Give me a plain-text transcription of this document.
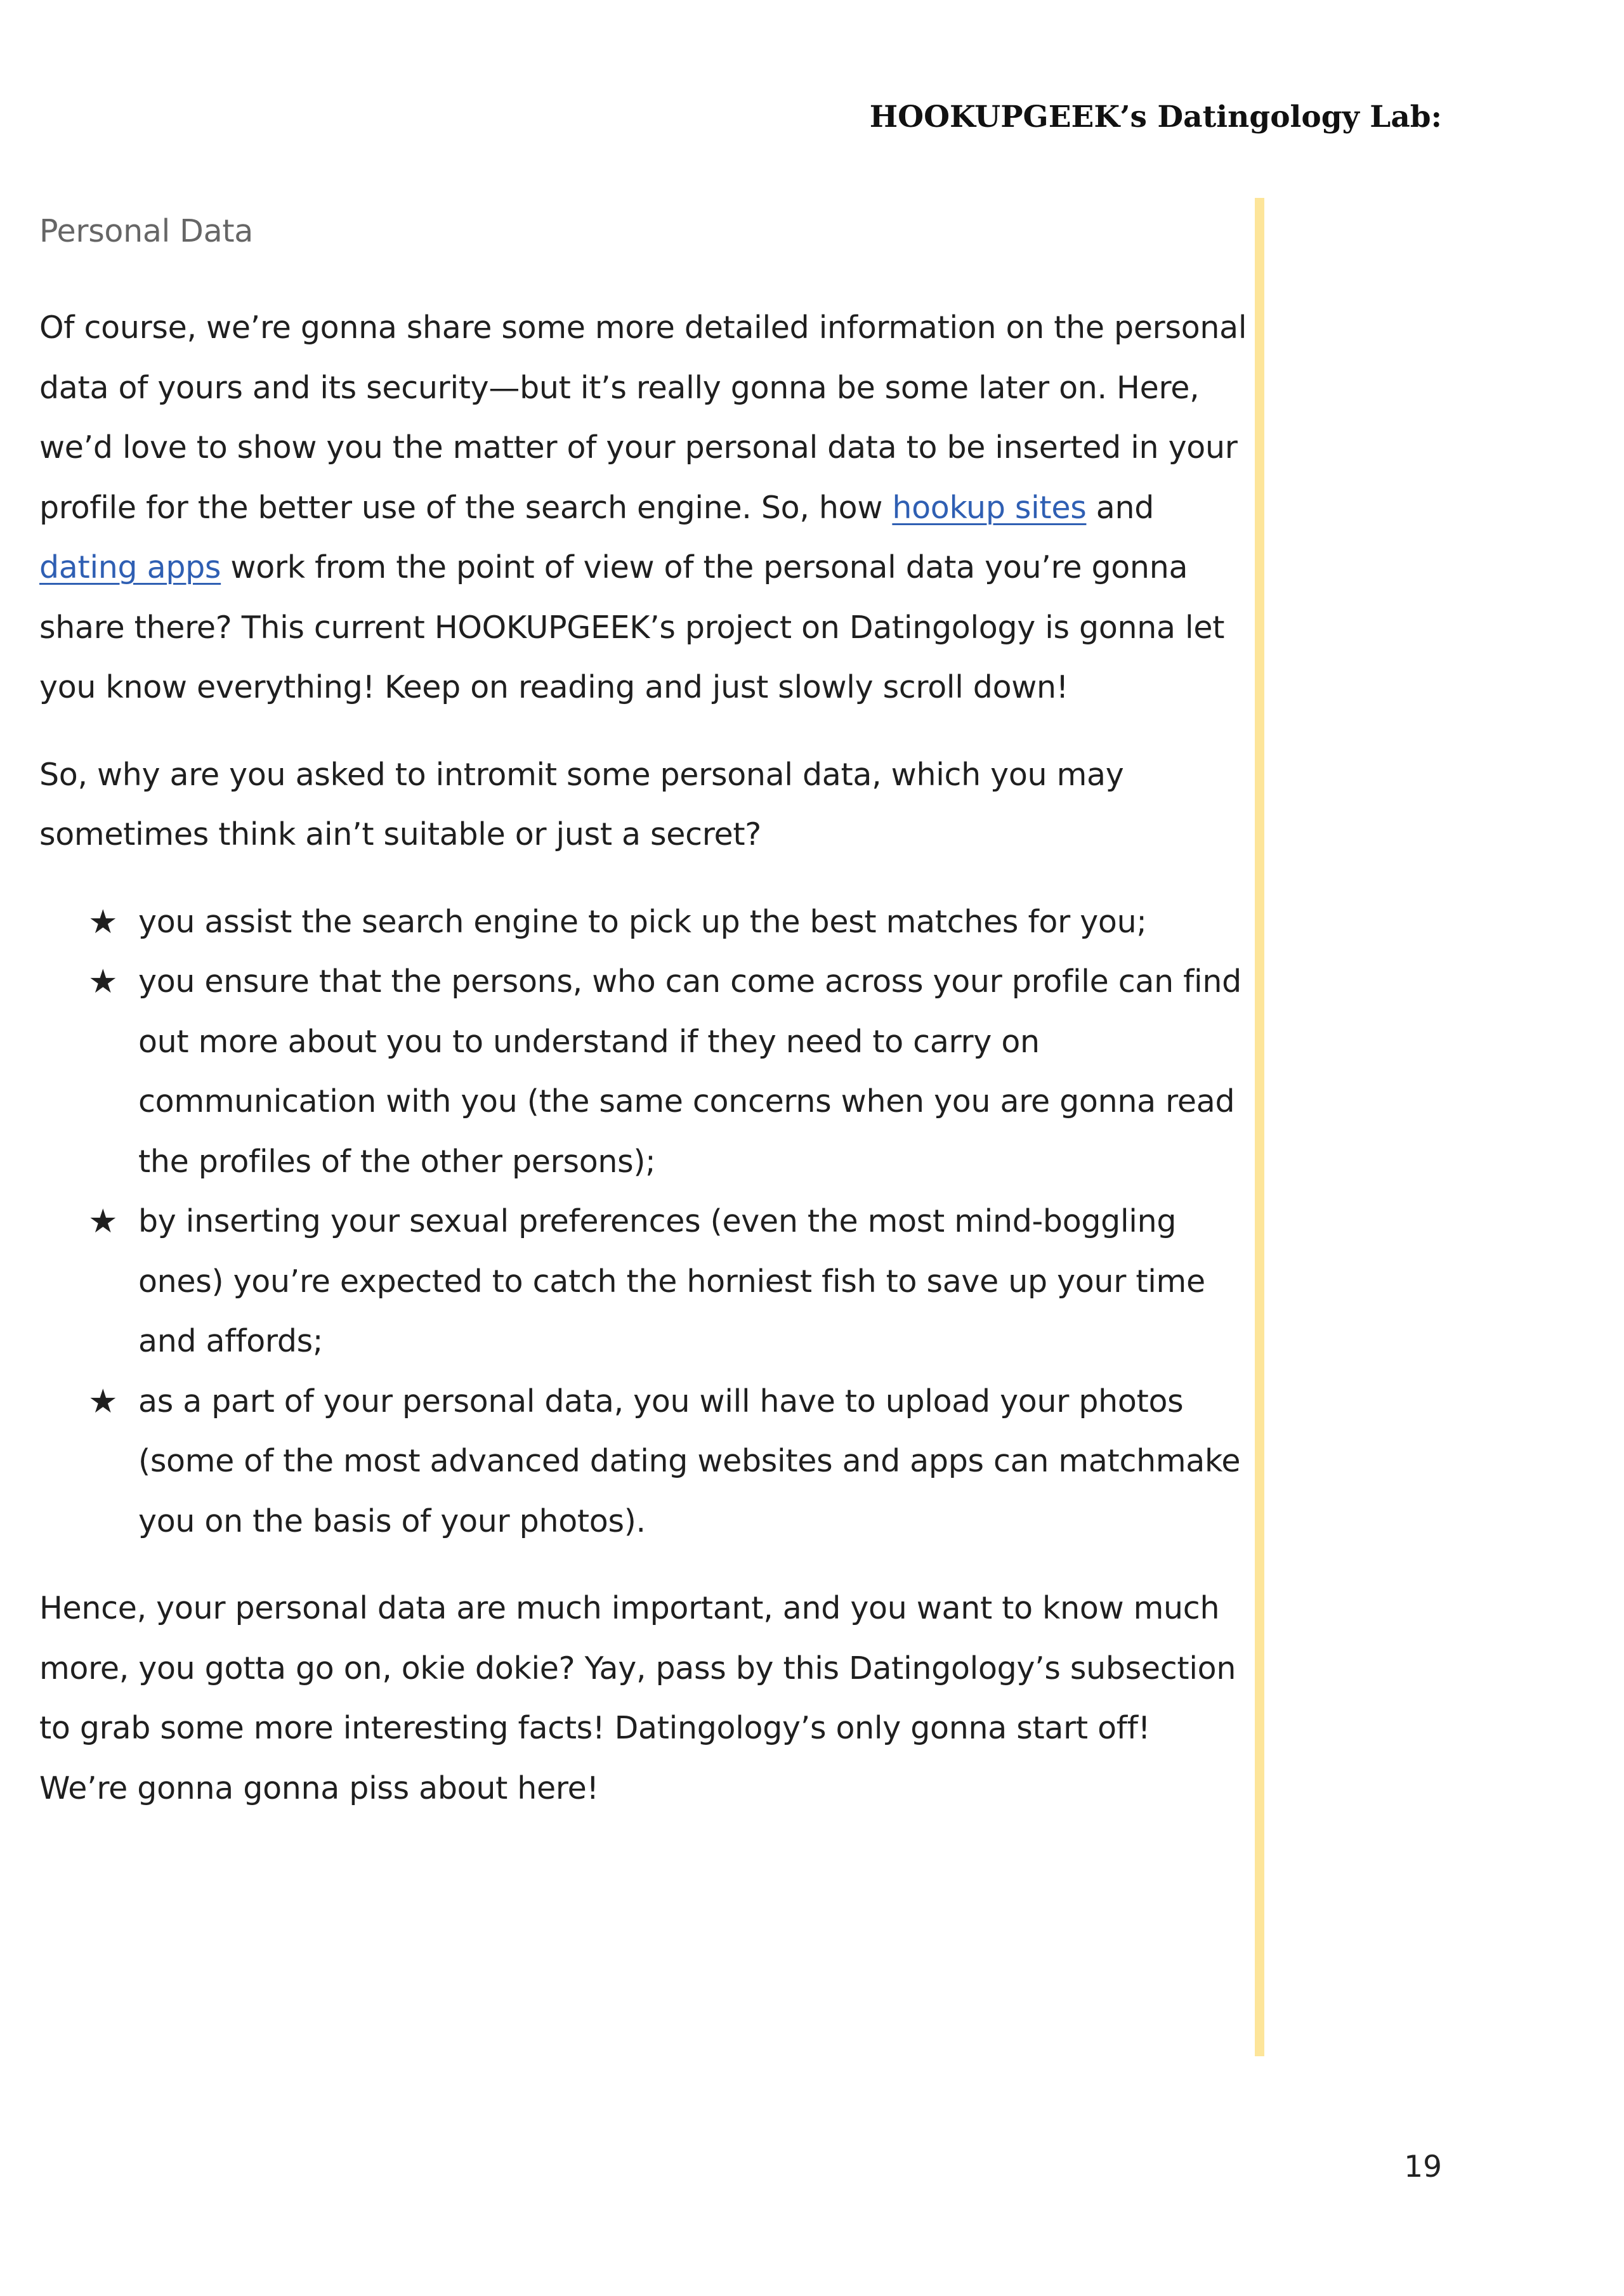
HOOKUPGEEK’s Datingology Lab:
Personal Data

Of course, we’re gonna share some more detailed information on the personal data of yours and its security—but it’s really gonna be some later on. Here, we’d love to show you the matter of your personal data to be inserted in your profile for the better use of the search engine. So, how hookup sites and dating apps work from the point of view of the personal data you’re gonna share there? This current HOOKUPGEEK’s project on Datingology is gonna let you know everything! Keep on reading and just slowly scroll down!

So, why are you asked to intromit some personal data, which you may sometimes think ain’t suitable or just a secret?

★ you assist the search engine to pick up the best matches for you;
★ you ensure that the persons, who can come across your profile can find out more about you to understand if they need to carry on communication with you (the same concerns when you are gonna read the profiles of the other persons);
★ by inserting your sexual preferences (even the most mind-boggling ones) you’re expected to catch the horniest fish to save up your time and affords;
★ as a part of your personal data, you will have to upload your photos (some of the most advanced dating websites and apps can matchmake you on the basis of your photos).

Hence, your personal data are much important, and you want to know much more, you gotta go on, okie dokie? Yay, pass by this Datingology’s subsection to grab some more interesting facts! Datingology’s only gonna start off! We’re gonna gonna piss about here!

19
